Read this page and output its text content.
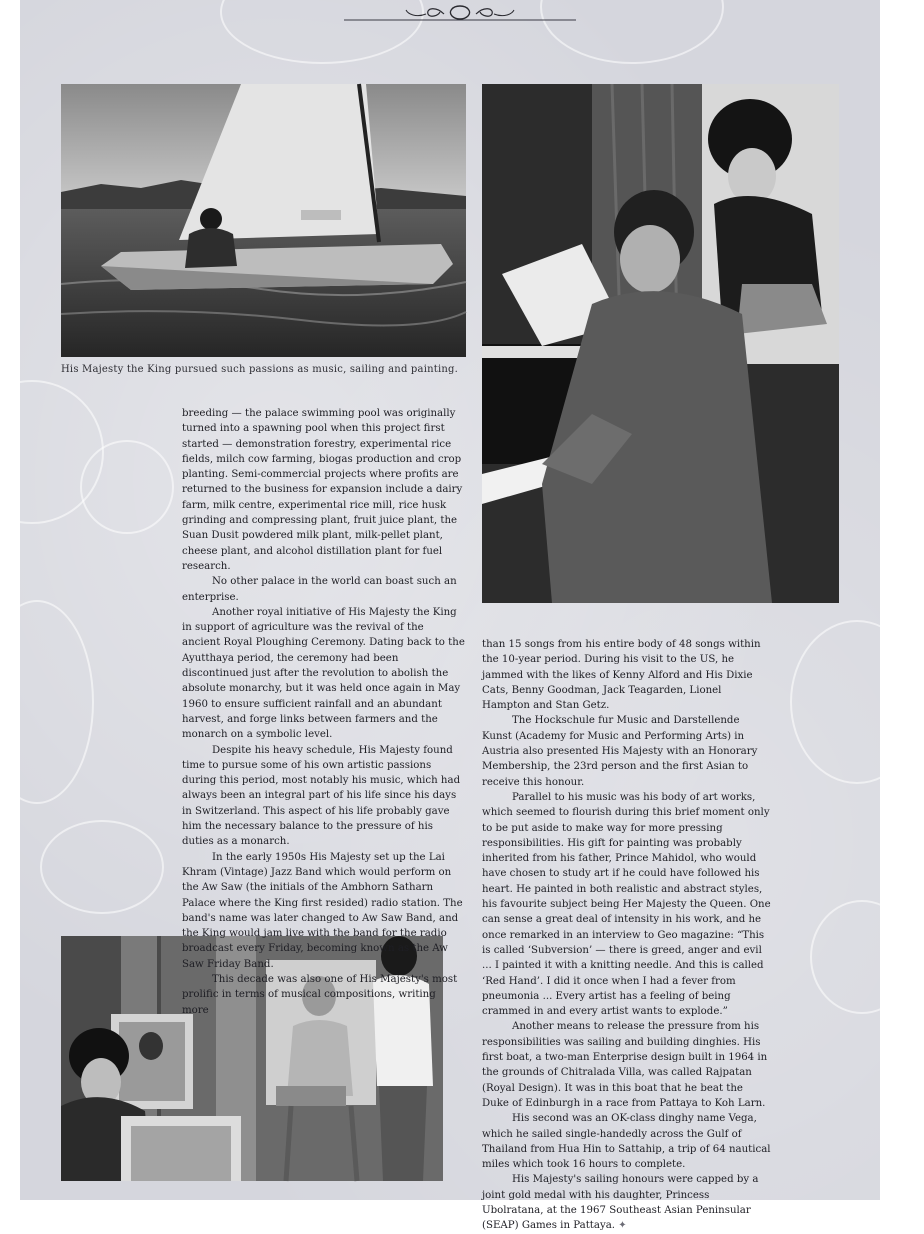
His Majesty the King pursued such passions as music, sailing and painting.

breeding — the palace swimming pool was originally turned into a spawning pool when this project first started — demonstration forestry, experimental rice fields, milch cow farming, biogas production and crop planting. Semi-commercial projects where profits are returned to the business for expansion include a dairy farm, milk centre, experimental rice mill, rice husk grinding and compressing plant, fruit juice plant, the Suan Dusit powdered milk plant, milk-pellet plant, cheese plant, and alcohol distillation plant for fuel research.

No other palace in the world can boast such an enterprise.

Another royal initiative of His Majesty the King in support of agriculture was the revival of the ancient Royal Ploughing Ceremony. Dating back to the Ayutthaya period, the ceremony had been discontinued just after the revolution to abolish the absolute monarchy, but it was held once again in May 1960 to ensure sufficient rainfall and an abundant harvest, and forge links between farmers and the monarch on a symbolic level.

Despite his heavy schedule, His Majesty found time to pursue some of his own artistic passions during this period, most notably his music, which had always been an integral part of his life since his days in Switzerland. This aspect of his life probably gave him the necessary balance to the pressure of his duties as a monarch.

In the early 1950s His Majesty set up the Lai Khram (Vintage) Jazz Band which would perform on the Aw Saw (the initials of the Ambhorn Satharn Palace where the King first resided) radio station. The band's name was later changed to Aw Saw Band, and the King would jam live with the band for the radio broadcast every Friday, becoming known as the Aw Saw Friday Band.

This decade was also one of His Majesty's most prolific in terms of musical compositions, writing more

than 15 songs from his entire body of 48 songs within the 10-year period. During his visit to the US, he jammed with the likes of Kenny Alford and His Dixie Cats, Benny Goodman, Jack Teagarden, Lionel Hampton and Stan Getz.

The Hockschule fur Music and Darstellende Kunst (Academy for Music and Performing Arts) in Austria also presented His Majesty with an Honorary Membership, the 23rd person and the first Asian to receive this honour.

Parallel to his music was his body of art works, which seemed to flourish during this brief moment only to be put aside to make way for more pressing responsibilities. His gift for painting was probably inherited from his father, Prince Mahidol, who would have chosen to study art if he could have followed his heart. He painted in both realistic and abstract styles, his favourite subject being Her Majesty the Queen. One can sense a great deal of intensity in his work, and he once remarked in an interview to Geo magazine: “This is called ‘Subversion’ — there is greed, anger and evil ... I painted it with a knitting needle. And this is called ‘Red Hand’. I did it once when I had a fever from pneumonia ... Every artist has a feeling of being crammed in and every artist wants to explode.”

Another means to release the pressure from his responsibilities was sailing and building dinghies. His first boat, a two-man Enterprise design built in 1964 in the grounds of Chitralada Villa, was called Rajpatan (Royal Design). It was in this boat that he beat the Duke of Edinburgh in a race from Pattaya to Koh Larn.

His second was an OK-class dinghy name Vega, which he sailed single-handedly across the Gulf of Thailand from Hua Hin to Sattahip, a trip of 64 nautical miles which took 16 hours to complete.

His Majesty's sailing honours were capped by a joint gold medal with his daughter, Princess Ubolratana, at the 1967 Southeast Asian Peninsular (SEAP) Games in Pattaya. ✦
